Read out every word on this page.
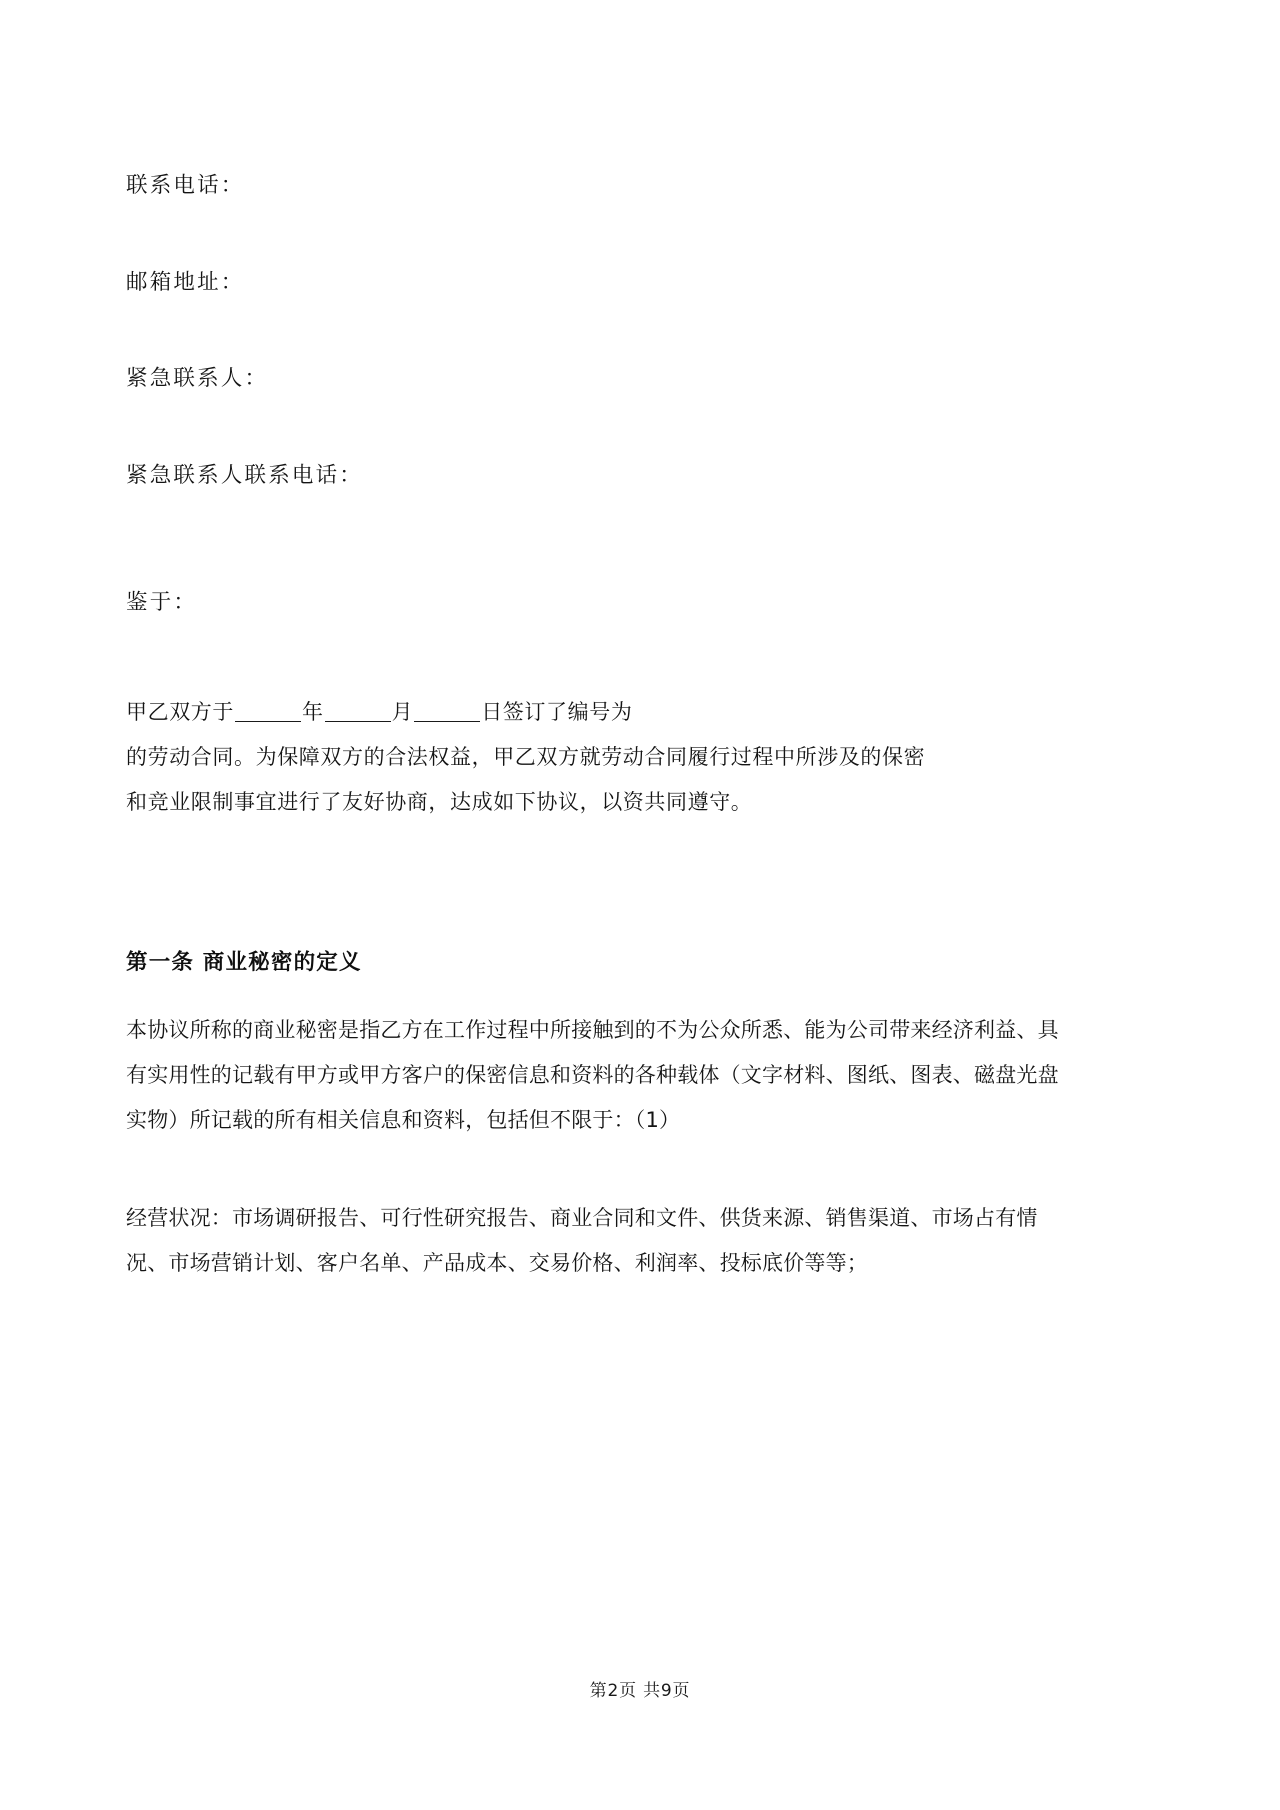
联系电话：
邮箱地址：
紧急联系人：
紧急联系人联系电话：
鉴于：
甲乙双方于	年	月	日签订了编号为
的劳动合同。为保障双方的合法权益，甲乙双方就劳动合同履行过程中所涉及的保密
和竞业限制事宜进行了友好协商，达成如下协议，以资共同遵守。
第一条 商业秘密的定义
本协议所称的商业秘密是指乙方在工作过程中所接触到的不为公众所悉、能为公司带来经济利益、具有实用性的记载有甲方或甲方客户的保密信息和资料的各种载体（文字材料、图纸、图表、磁盘光盘实物）所记载的所有相关信息和资料，包括但不限于：（1）
经营状况：市场调研报告、可行性研究报告、商业合同和文件、供货来源、销售渠道、市场占有情况、市场营销计划、客户名单、产品成本、交易价格、利润率、投标底价等等；
第2页 共9页
